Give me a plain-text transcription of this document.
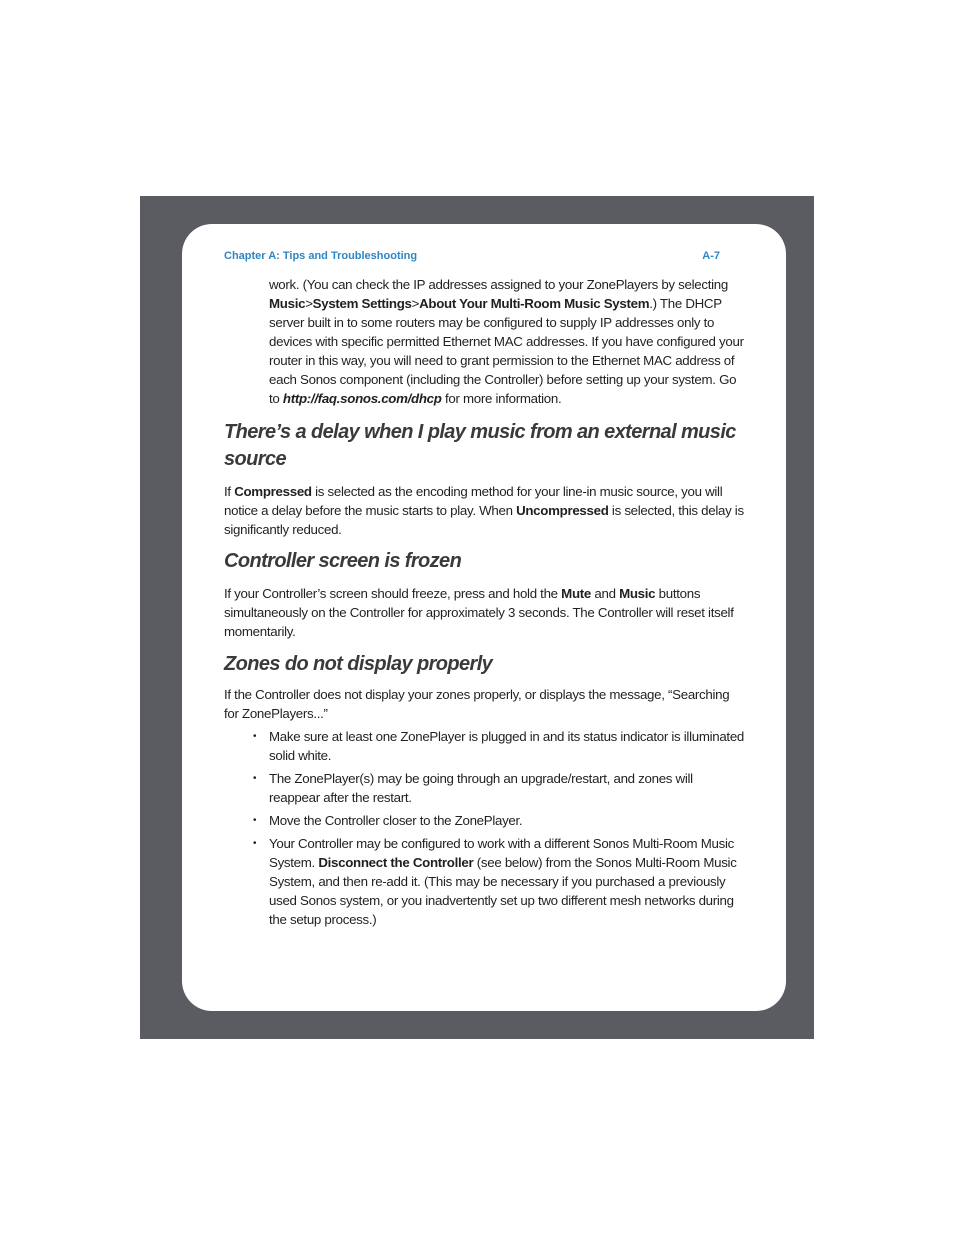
Chapter A: Tips and Troubleshooting	A-7

work. (You can check the IP addresses assigned to your ZonePlayers by selecting Music>System Settings>About Your Multi-Room Music System.) The DHCP server built in to some routers may be configured to supply IP addresses only to devices with specific permitted Ethernet MAC addresses. If you have configured your router in this way, you will need to grant permission to the Ethernet MAC address of each Sonos component (including the Controller) before setting up your system. Go to http://faq.sonos.com/dhcp for more information.

There’s a delay when I play music from an external music source

If Compressed is selected as the encoding method for your line-in music source, you will notice a delay before the music starts to play. When Uncompressed is selected, this delay is significantly reduced.

Controller screen is frozen

If your Controller’s screen should freeze, press and hold the Mute and Music buttons simultaneously on the Controller for approximately 3 seconds. The Controller will reset itself momentarily.

Zones do not display properly

If the Controller does not display your zones properly, or displays the message, “Searching for ZonePlayers...”

• Make sure at least one ZonePlayer is plugged in and its status indicator is illuminated solid white.

• The ZonePlayer(s) may be going through an upgrade/restart, and zones will reappear after the restart.

• Move the Controller closer to the ZonePlayer.

• Your Controller may be configured to work with a different Sonos Multi-Room Music System. Disconnect the Controller (see below) from the Sonos Multi-Room Music System, and then re-add it. (This may be necessary if you purchased a previously used Sonos system, or you inadvertently set up two different mesh networks during the setup process.)
